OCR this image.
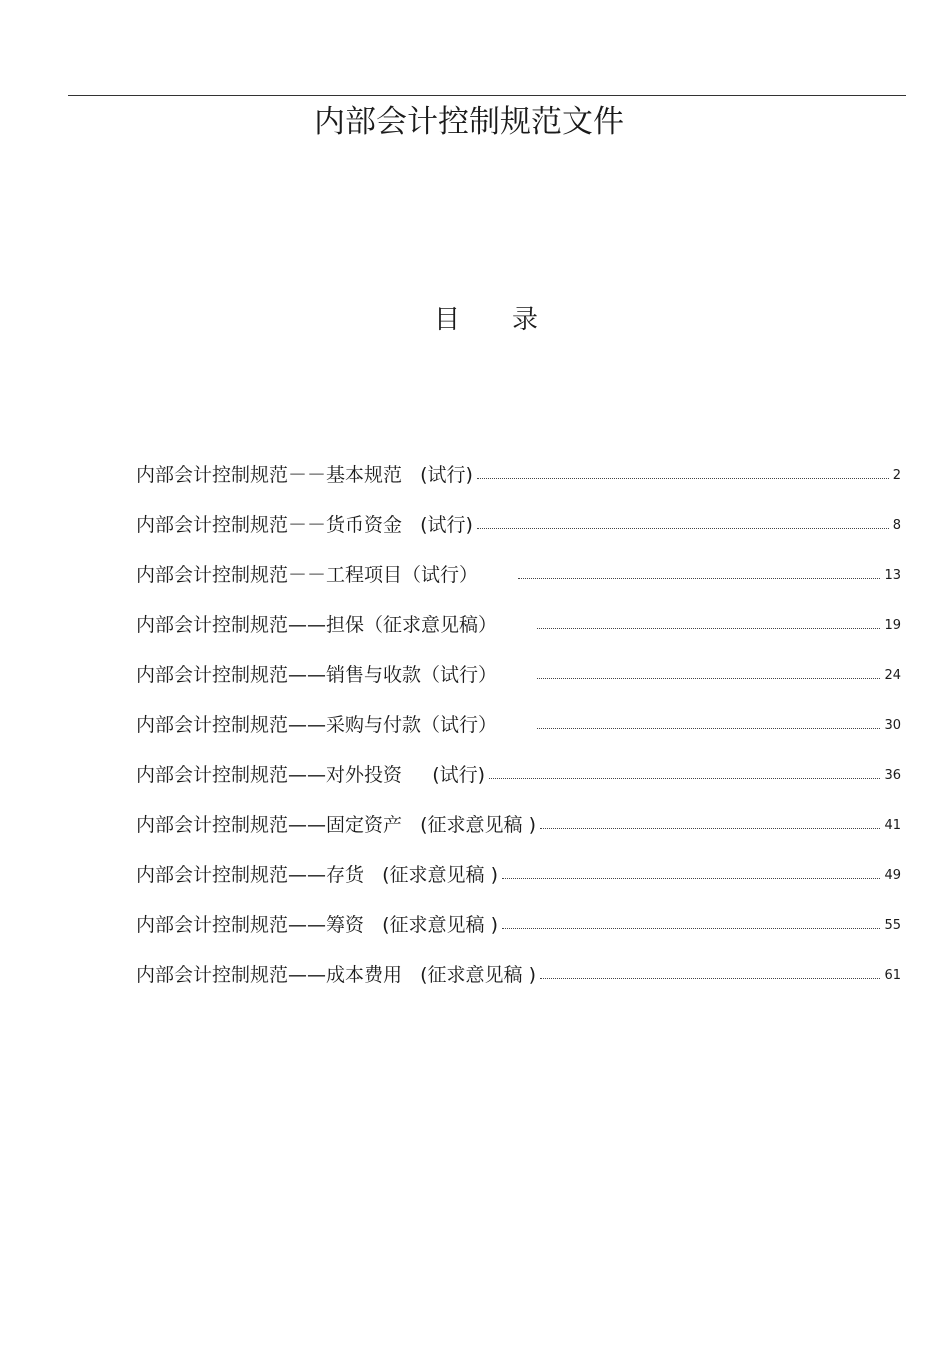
内部会计控制规范文件
目 录
内部会计控制规范－－基本规范   (试行)	2
内部会计控制规范－－货币资金   (试行)	8
内部会计控制规范－－工程项目（试行）	13
内部会计控制规范——担保（征求意见稿）	19
内部会计控制规范——销售与收款（试行）	24
内部会计控制规范——采购与付款（试行）	30
内部会计控制规范——对外投资     (试行)	36
内部会计控制规范——固定资产   (征求意见稿 )	41
内部会计控制规范——存货   (征求意见稿 )	49
内部会计控制规范——筹资   (征求意见稿 )	55
内部会计控制规范——成本费用   (征求意见稿 )	61
